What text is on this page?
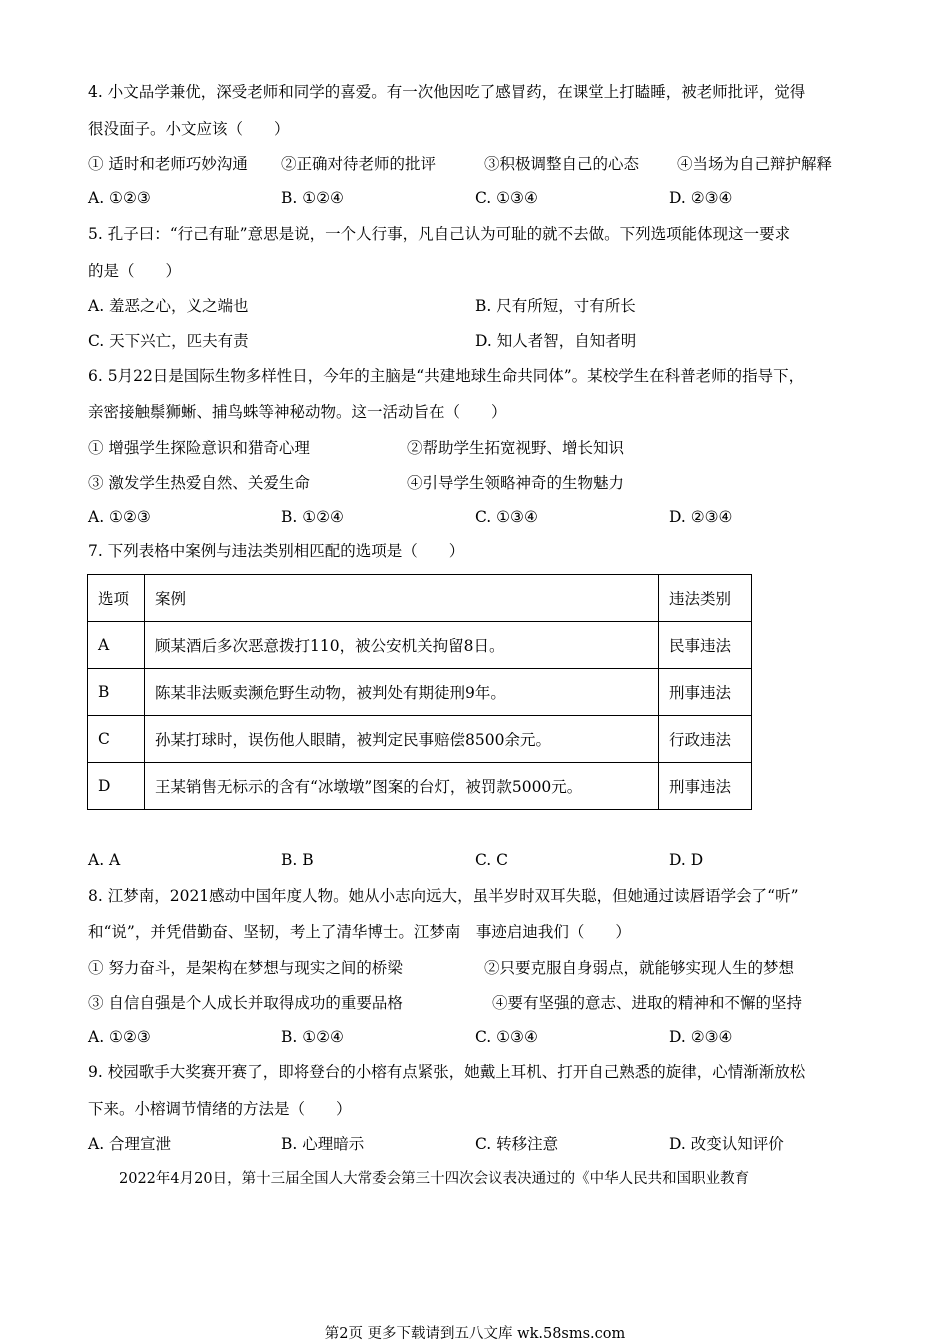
4. 小文品学兼优，深受老师和同学的喜爱。有一次他因吃了感冒药，在课堂上打瞌睡，被老师批评，觉得
很没面子。小文应该（　　）
① 适时和老师巧妙沟通 ②正确对待老师的批评	③积极调整自己的心态 ④当场为自己辩护解释
A. ①②③	B. ①②④	C. ①③④	D. ②③④
5. 孔子曰：“行己有耻”意思是说，一个人行事，凡自己认为可耻的就不去做。下列选项能体现这一要求
的是（　　）
A. 羞恶之心，义之端也	B. 尺有所短，寸有所长
C. 天下兴亡，匹夫有责	D. 知人者智，自知者明
6. 5月22日是国际生物多样性日，今年的主脑是“共建地球生命共同体”。某校学生在科普老师的指导下，
亲密接触鬃狮蜥、捕鸟蛛等神秘动物。这一活动旨在（　　）
① 增强学生探险意识和猎奇心理	②帮助学生拓宽视野、增长知识
③ 激发学生热爱自然、关爱生命	④引导学生领略神奇的生物魅力
A. ①②③	B. ①②④	C. ①③④	D. ②③④
7. 下列表格中案例与违法类别相匹配的选项是（　　）
选项	案例	违法类别
A	顾某酒后多次恶意拨打110，被公安机关拘留8日。	民事违法
B	陈某非法贩卖濒危野生动物，被判处有期徒刑9年。	刑事违法
C	孙某打球时，误伤他人眼睛，被判定民事赔偿8500余元。	行政违法
D	王某销售无标示的含有“冰墩墩”图案的台灯，被罚款5000元。	刑事违法
A. A	B. B	C. C	D. D
8. 江梦南，2021感动中国年度人物。她从小志向远大，虽半岁时双耳失聪，但她通过读唇语学会了“听”
和“说”，并凭借勤奋、坚韧，考上了清华博士。江梦南　事迹启迪我们（　　）
① 努力奋斗，是架构在梦想与现实之间的桥梁	②只要克服自身弱点，就能够实现人生的梦想
③ 自信自强是个人成长并取得成功的重要品格	④要有坚强的意志、进取的精神和不懈的坚持
A. ①②③	B. ①②④	C. ①③④	D. ②③④
9. 校园歌手大奖赛开赛了，即将登台的小榕有点紧张，她戴上耳机、打开自己熟悉的旋律，心情渐渐放松
下来。小榕调节情绪的方法是（　　）
A. 合理宣泄	B. 心理暗示	C. 转移注意	D. 改变认知评价
2022年4月20日，第十三届全国人大常委会第三十四次会议表决通过的《中华人民共和国职业教育
第2页 更多下载请到五八文库 wk.58sms.com
